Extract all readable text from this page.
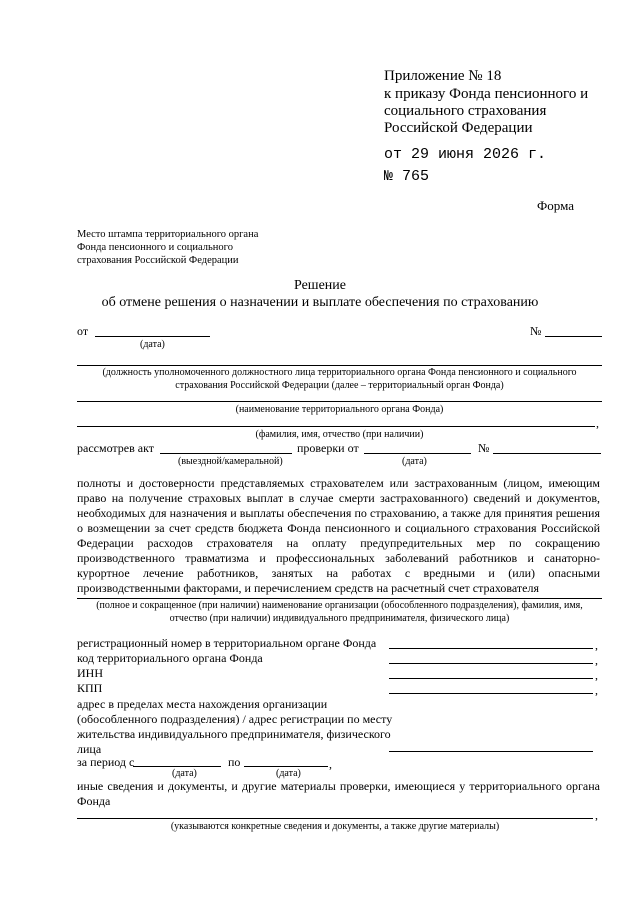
Приложение № 18
к приказу Фонда пенсионного и
социального страхования
Российской Федерации
от 29 июня 2026 г.
№ 765
Форма
Место штампа территориального органа
Фонда пенсионного и социального
страхования Российской Федерации
Решение
об отмене решения о назначении и выплате обеспечения по страхованию
от
(дата)
№
(должность уполномоченного должностного лица территориального органа Фонда пенсионного и социального страхования Российской Федерации (далее – территориальный орган Фонда)
(наименование территориального органа Фонда)
,
(фамилия, имя, отчество (при наличии)
рассмотрев акт
(выездной/камеральной)
проверки от
(дата)
№
полноты и достоверности представляемых страхователем или застрахованным (лицом, имеющим право на получение страховых выплат в случае смерти застрахованного) сведений и документов, необходимых для назначения и выплаты обеспечения по страхованию, а также для принятия решения о возмещении за счет средств бюджета Фонда пенсионного и социального страхования Российской Федерации расходов страхователя на оплату предупредительных мер по сокращению производственного травматизма и профессиональных заболеваний работников и санаторно-курортное лечение работников, занятых на работах с вредными и (или) опасными производственными факторами, и перечислением средств на расчетный счет страхователя
(полное и сокращенное (при наличии) наименование организации (обособленного подразделения), фамилия, имя, отчество (при наличии) индивидуального предпринимателя, физического лица)
регистрационный номер в территориальном органе Фонда	,
код территориального органа Фонда	,
ИНН	,
КПП	,
адрес в пределах места нахождения организации
(обособленного подразделения) / адрес регистрации по месту
жительства индивидуального предпринимателя, физического
лица
за период с
(дата)
по
(дата)
,
иные сведения и документы, и другие материалы проверки, имеющиеся у территориального органа Фонда
,
(указываются конкретные сведения и документы, а также другие материалы)
